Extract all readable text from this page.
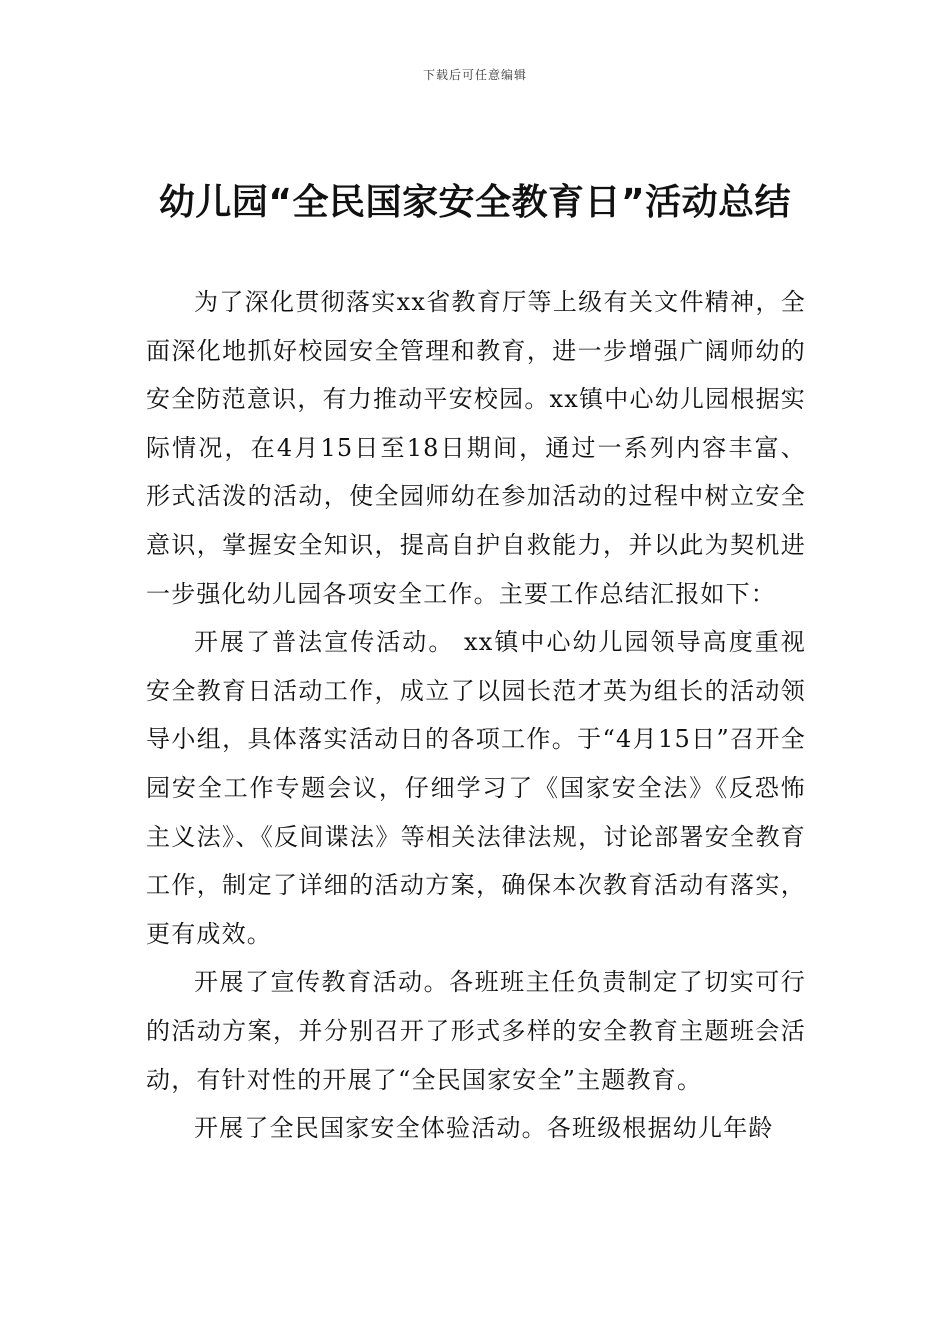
下载后可任意编辑
幼儿园“全民国家安全教育日”活动总结

为了深化贯彻落实xx省教育厅等上级有关文件精神，全面深化地抓好校园安全管理和教育，进一步增强广阔师幼的安全防范意识，有力推动平安校园。xx镇中心幼儿园根据实际情况，在4月15日至18日期间，通过一系列内容丰富、形式活泼的活动，使全园师幼在参加活动的过程中树立安全意识，掌握安全知识，提高自护自救能力，并以此为契机进一步强化幼儿园各项安全工作。主要工作总结汇报如下：

开展了普法宣传活动。 xx镇中心幼儿园领导高度重视安全教育日活动工作，成立了以园长范才英为组长的活动领导小组，具体落实活动日的各项工作。于“4月15日”召开全园安全工作专题会议，仔细学习了《国家安全法》《反恐怖主义法》、《反间谍法》等相关法律法规，讨论部署安全教育工作，制定了详细的活动方案，确保本次教育活动有落实，更有成效。

开展了宣传教育活动。各班班主任负责制定了切实可行的活动方案，并分别召开了形式多样的安全教育主题班会活动，有针对性的开展了“全民国家安全”主题教育。

开展了全民国家安全体验活动。各班级根据幼儿年龄
